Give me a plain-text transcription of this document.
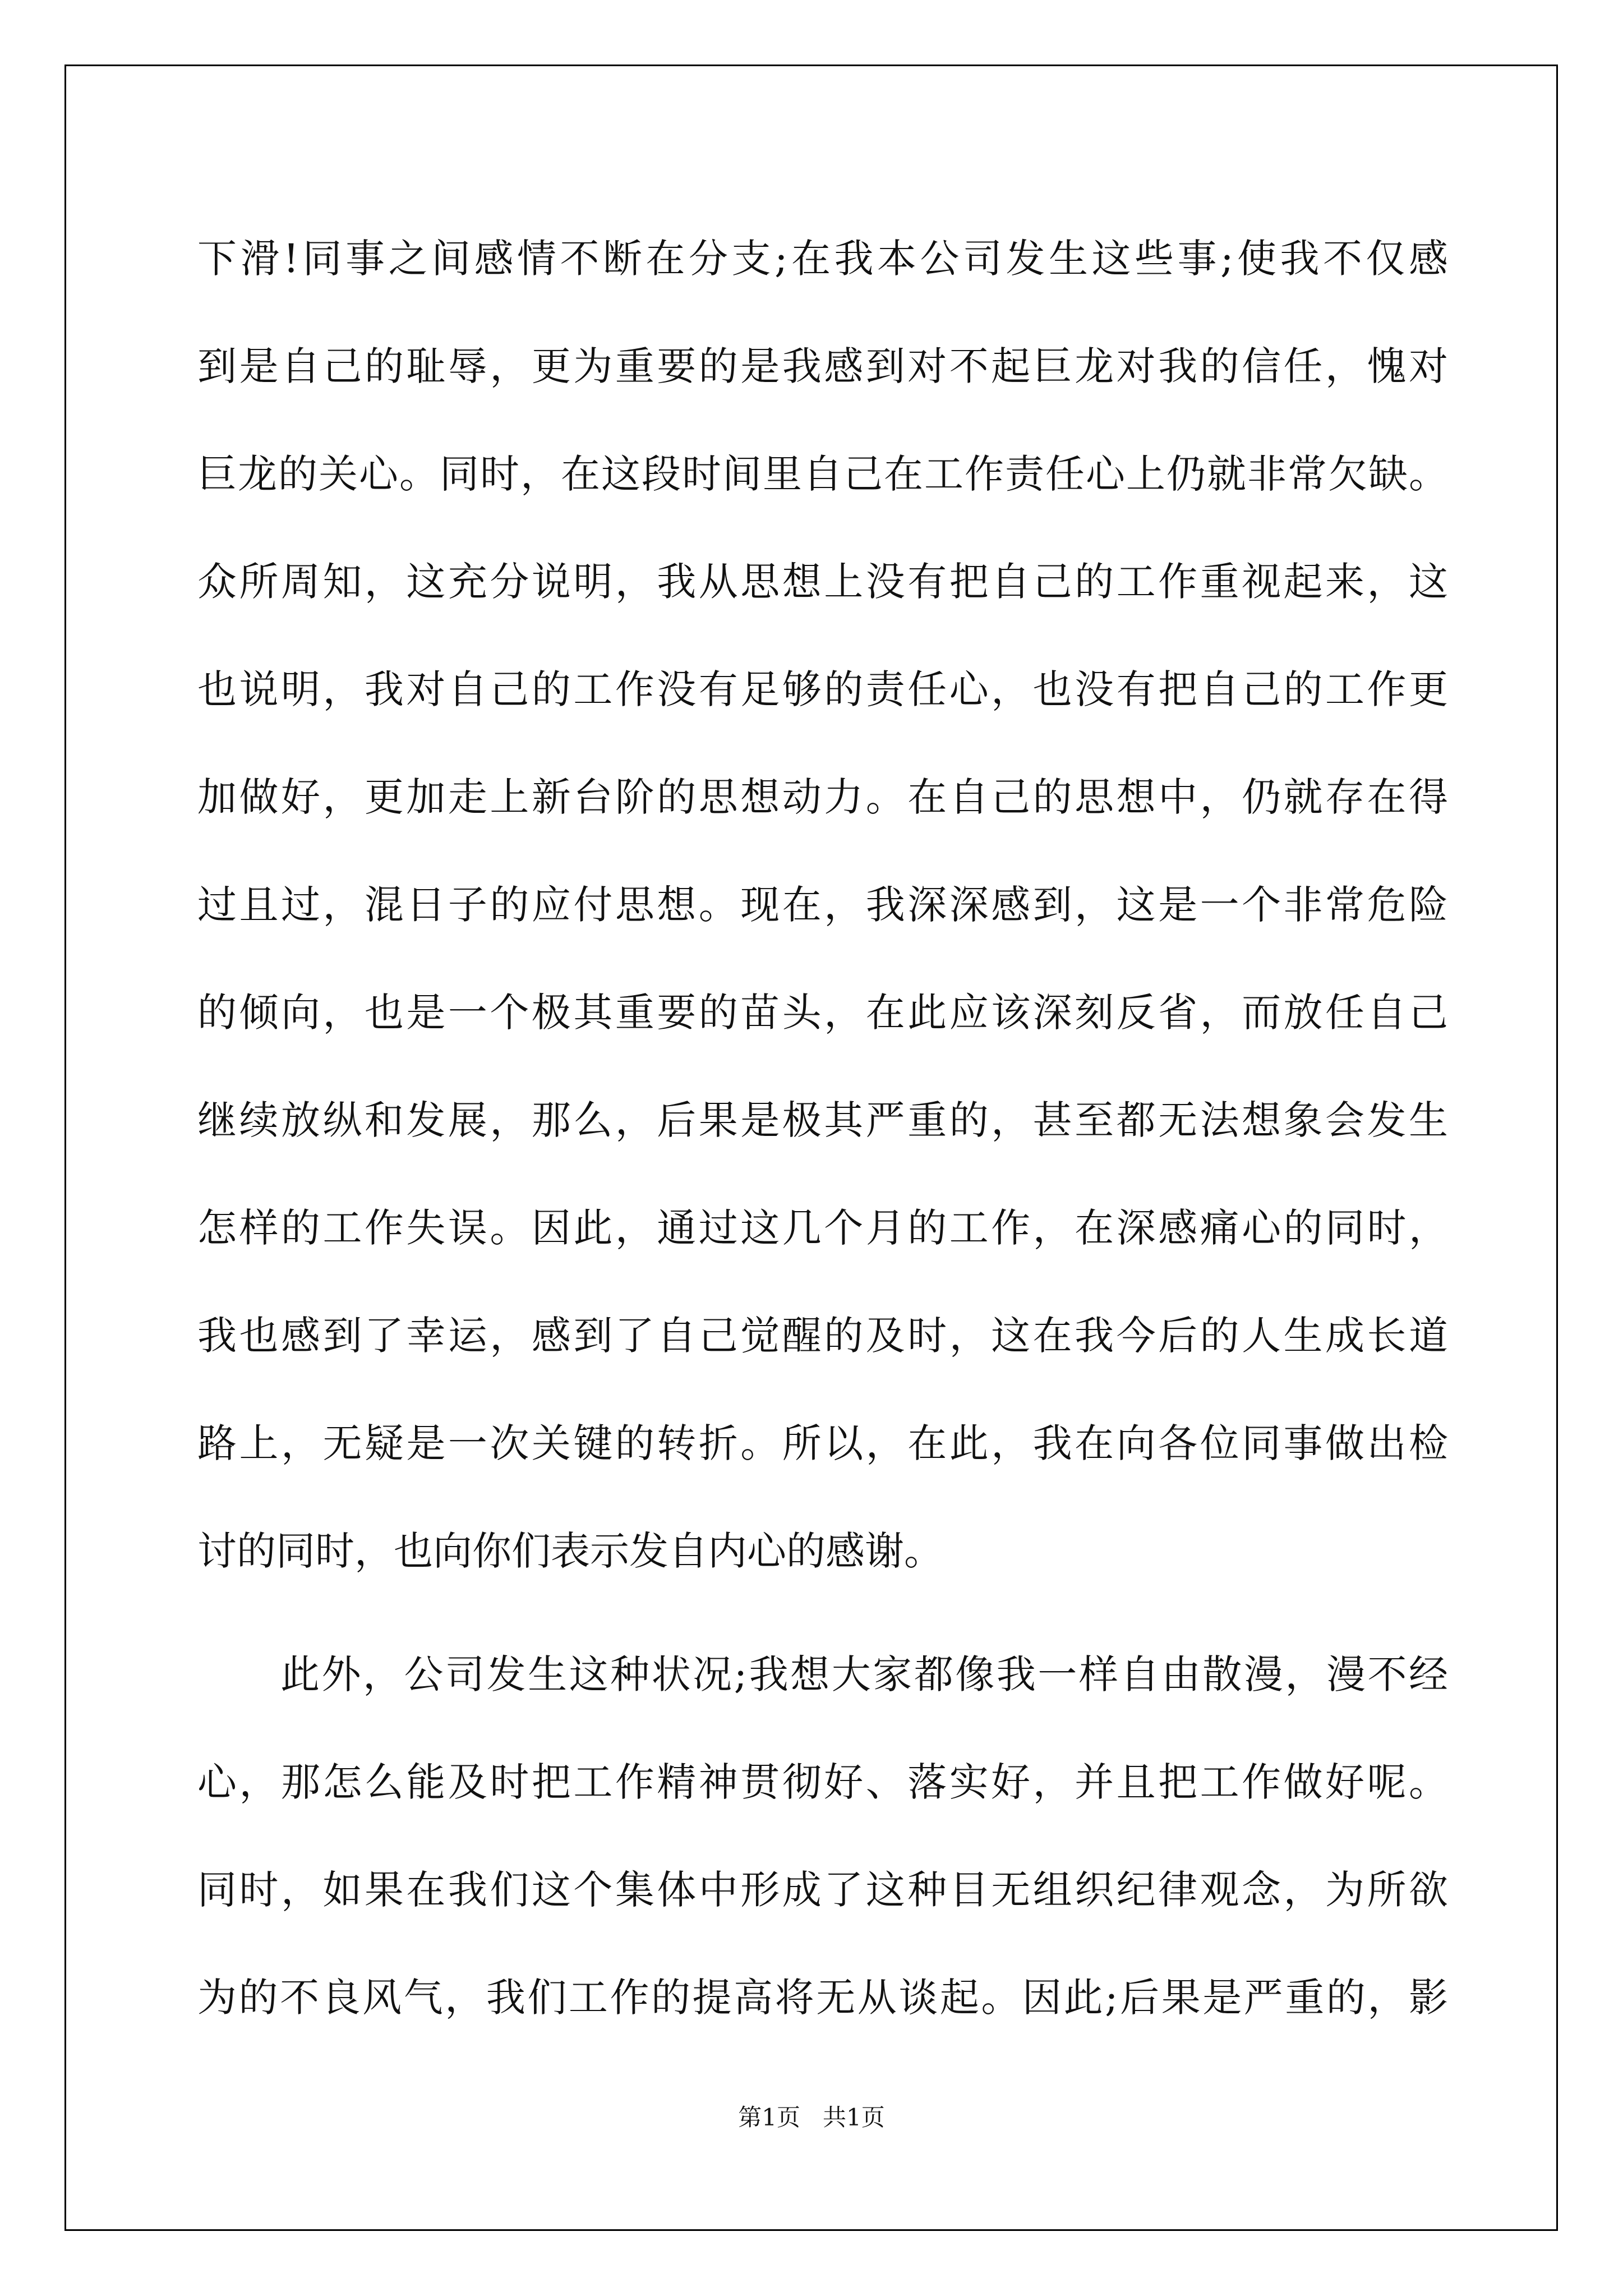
下滑!同事之间感情不断在分支;在我本公司发生这些事;使我不仅感
到是自己的耻辱，更为重要的是我感到对不起巨龙对我的信任，愧对
巨龙的关心。同时，在这段时间里自己在工作责任心上仍就非常欠缺。
众所周知，这充分说明，我从思想上没有把自己的工作重视起来，这
也说明，我对自己的工作没有足够的责任心，也没有把自己的工作更
加做好，更加走上新台阶的思想动力。在自己的思想中，仍就存在得
过且过，混日子的应付思想。现在，我深深感到，这是一个非常危险
的倾向，也是一个极其重要的苗头，在此应该深刻反省，而放任自己
继续放纵和发展，那么，后果是极其严重的，甚至都无法想象会发生
怎样的工作失误。因此，通过这几个月的工作，在深感痛心的同时，
我也感到了幸运，感到了自己觉醒的及时，这在我今后的人生成长道
路上，无疑是一次关键的转折。所以，在此，我在向各位同事做出检
讨的同时，也向你们表示发自内心的感谢。
此外，公司发生这种状况;我想大家都像我一样自由散漫，漫不经
心，那怎么能及时把工作精神贯彻好、落实好，并且把工作做好呢。
同时，如果在我们这个集体中形成了这种目无组织纪律观念，为所欲
为的不良风气，我们工作的提高将无从谈起。因此;后果是严重的，影
第1页   共1页
